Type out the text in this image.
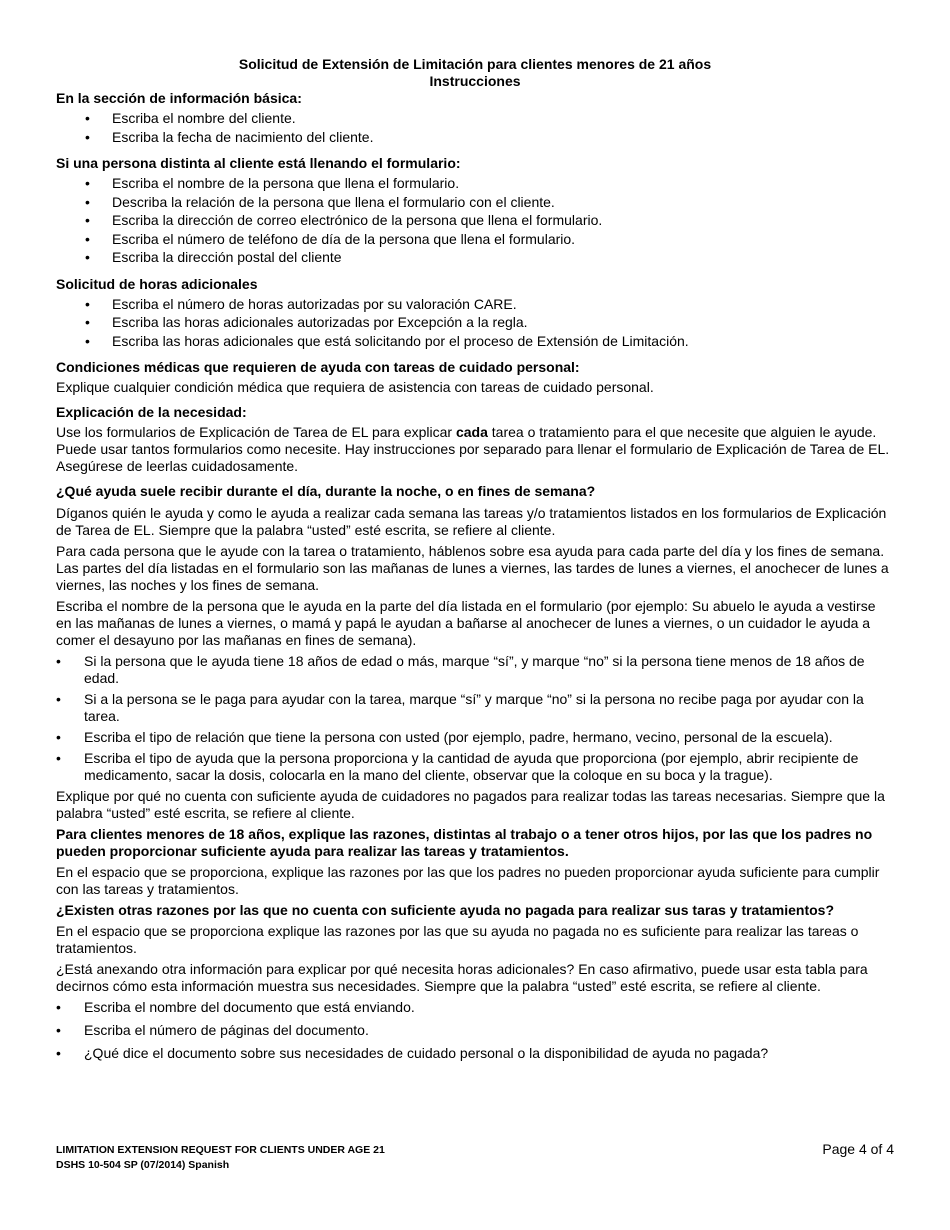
Solicitud de Extensión de Limitación para clientes menores de 21 años
Instrucciones
En la sección de información básica:
• Escriba el nombre del cliente.
• Escriba la fecha de nacimiento del cliente.
Si una persona distinta al cliente está llenando el formulario:
• Escriba el nombre de la persona que llena el formulario.
• Describa la relación de la persona que llena el formulario con el cliente.
• Escriba la dirección de correo electrónico de la persona que llena el formulario.
• Escriba el número de teléfono de día de la persona que llena el formulario.
• Escriba la dirección postal del cliente
Solicitud de horas adicionales
• Escriba el número de horas autorizadas por su valoración CARE.
• Escriba las horas adicionales autorizadas por Excepción a la regla.
• Escriba las horas adicionales que está solicitando por el proceso de Extensión de Limitación.
Condiciones médicas que requieren de ayuda con tareas de cuidado personal:

Explique cualquier condición médica que requiera de asistencia con tareas de cuidado personal.

Explicación de la necesidad:

Use los formularios de Explicación de Tarea de EL para explicar cada tarea o tratamiento para el que necesite que alguien le ayude. Puede usar tantos formularios como necesite. Hay instrucciones por separado para llenar el formulario de Explicación de Tarea de EL. Asegúrese de leerlas cuidadosamente.

¿Qué ayuda suele recibir durante el día, durante la noche, o en fines de semana?

Díganos quién le ayuda y como le ayuda a realizar cada semana las tareas y/o tratamientos listados en los formularios de Explicación de Tarea de EL. Siempre que la palabra “usted” esté escrita, se refiere al cliente.

Para cada persona que le ayude con la tarea o tratamiento, háblenos sobre esa ayuda para cada parte del día y los fines de semana. Las partes del día listadas en el formulario son las mañanas de lunes a viernes, las tardes de lunes a viernes, el anochecer de lunes a viernes, las noches y los fines de semana.

Escriba el nombre de la persona que le ayuda en la parte del día listada en el formulario (por ejemplo: Su abuelo le ayuda a vestirse en las mañanas de lunes a viernes, o mamá y papá le ayudan a bañarse al anochecer de lunes a viernes, o un cuidador le ayuda a comer el desayuno por las mañanas en fines de semana).

• Si la persona que le ayuda tiene 18 años de edad o más, marque “sí”, y marque “no” si la persona tiene menos de 18 años de edad.
• Si a la persona se le paga para ayudar con la tarea, marque “sí” y marque “no” si la persona no recibe paga por ayudar con la tarea.
• Escriba el tipo de relación que tiene la persona con usted (por ejemplo, padre, hermano, vecino, personal de la escuela).
• Escriba el tipo de ayuda que la persona proporciona y la cantidad de ayuda que proporciona (por ejemplo, abrir recipiente de medicamento, sacar la dosis, colocarla en la mano del cliente, observar que la coloque en su boca y la trague).

Explique por qué no cuenta con suficiente ayuda de cuidadores no pagados para realizar todas las tareas necesarias. Siempre que la palabra “usted” esté escrita, se refiere al cliente.

Para clientes menores de 18 años, explique las razones, distintas al trabajo o a tener otros hijos, por las que los padres no pueden proporcionar suficiente ayuda para realizar las tareas y tratamientos.

En el espacio que se proporciona, explique las razones por las que los padres no pueden proporcionar ayuda suficiente para cumplir con las tareas y tratamientos.

¿Existen otras razones por las que no cuenta con suficiente ayuda no pagada para realizar sus taras y tratamientos?

En el espacio que se proporciona explique las razones por las que su ayuda no pagada no es suficiente para realizar las tareas o tratamientos.

¿Está anexando otra información para explicar por qué necesita horas adicionales? En caso afirmativo, puede usar esta tabla para decirnos cómo esta información muestra sus necesidades. Siempre que la palabra “usted” esté escrita, se refiere al cliente.

• Escriba el nombre del documento que está enviando.
• Escriba el número de páginas del documento.
• ¿Qué dice el documento sobre sus necesidades de cuidado personal o la disponibilidad de ayuda no pagada?
LIMITATION EXTENSION REQUEST FOR CLIENTS UNDER AGE 21
DSHS 10-504 SP (07/2014) Spanish
Page 4 of 4
